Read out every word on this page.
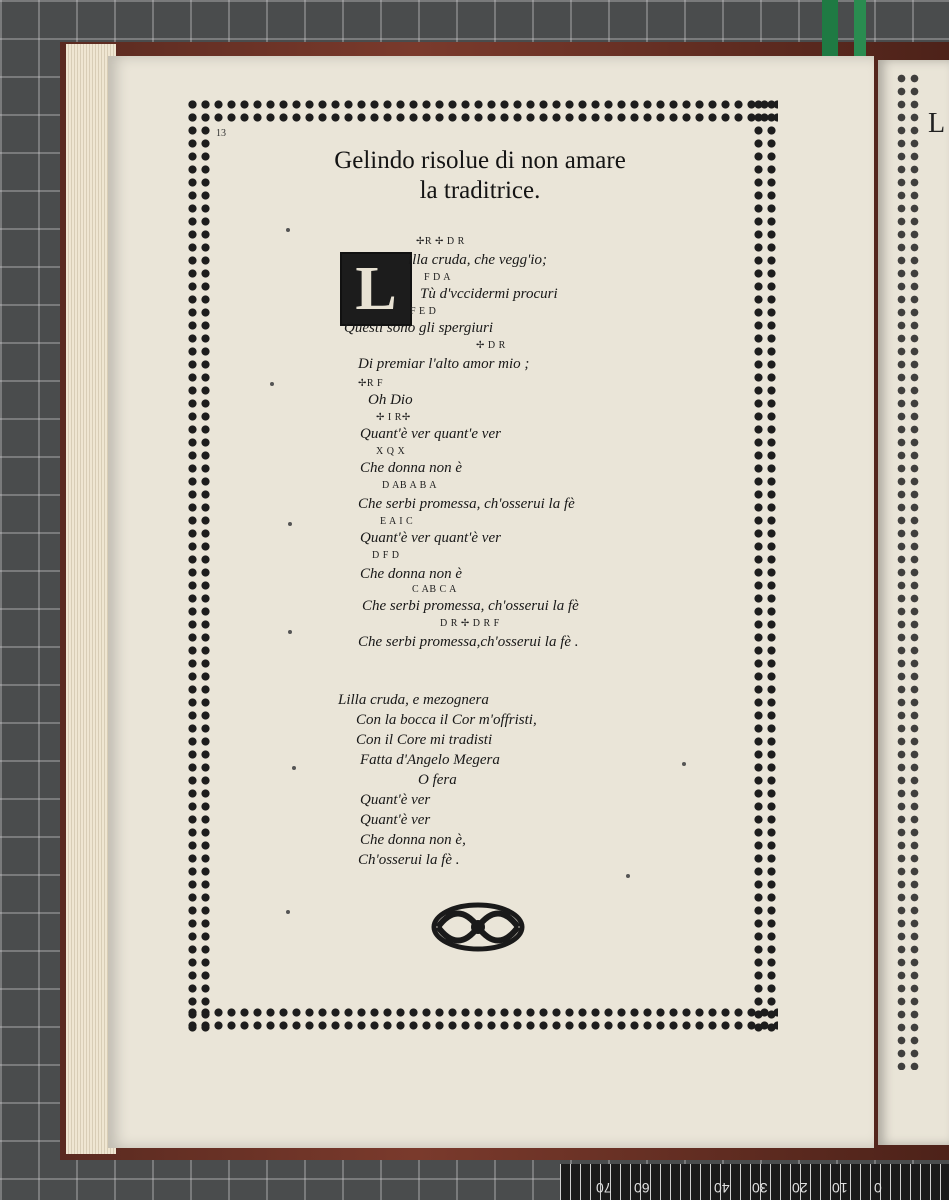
L
13
Gelindo risolue di non amare
la traditrice.
L
✢R ✢ D R
illa cruda, che vegg'io;
F D A
Tù d'vccidermi procuri
F E D
Questi sono gli spergiuri
✢ D R
Di premiar l'alto amor mio ;
✢R F
Oh Dio
✢ I R✢
Quant'è ver quant'e ver
X Q X
Che donna non è
D AB A B A
Che serbi promessa, ch'osserui la fè
E A I C
Quant'è ver quant'è ver
D F D
Che donna non è
C AB C A
Che serbi promessa, ch'osserui la fè
D R ✢ D R F
Che serbi promessa,ch'osserui la fè .
Lilla cruda, e mezognera
Con la bocca il Cor m'offristi,
Con il Core mi tradisti
Fatta d'Angelo Megera
O fera
Quant'è ver
Quant'è ver
Che donna non è,
Ch'osserui la fè .
70 60	40 30 20 10 0
